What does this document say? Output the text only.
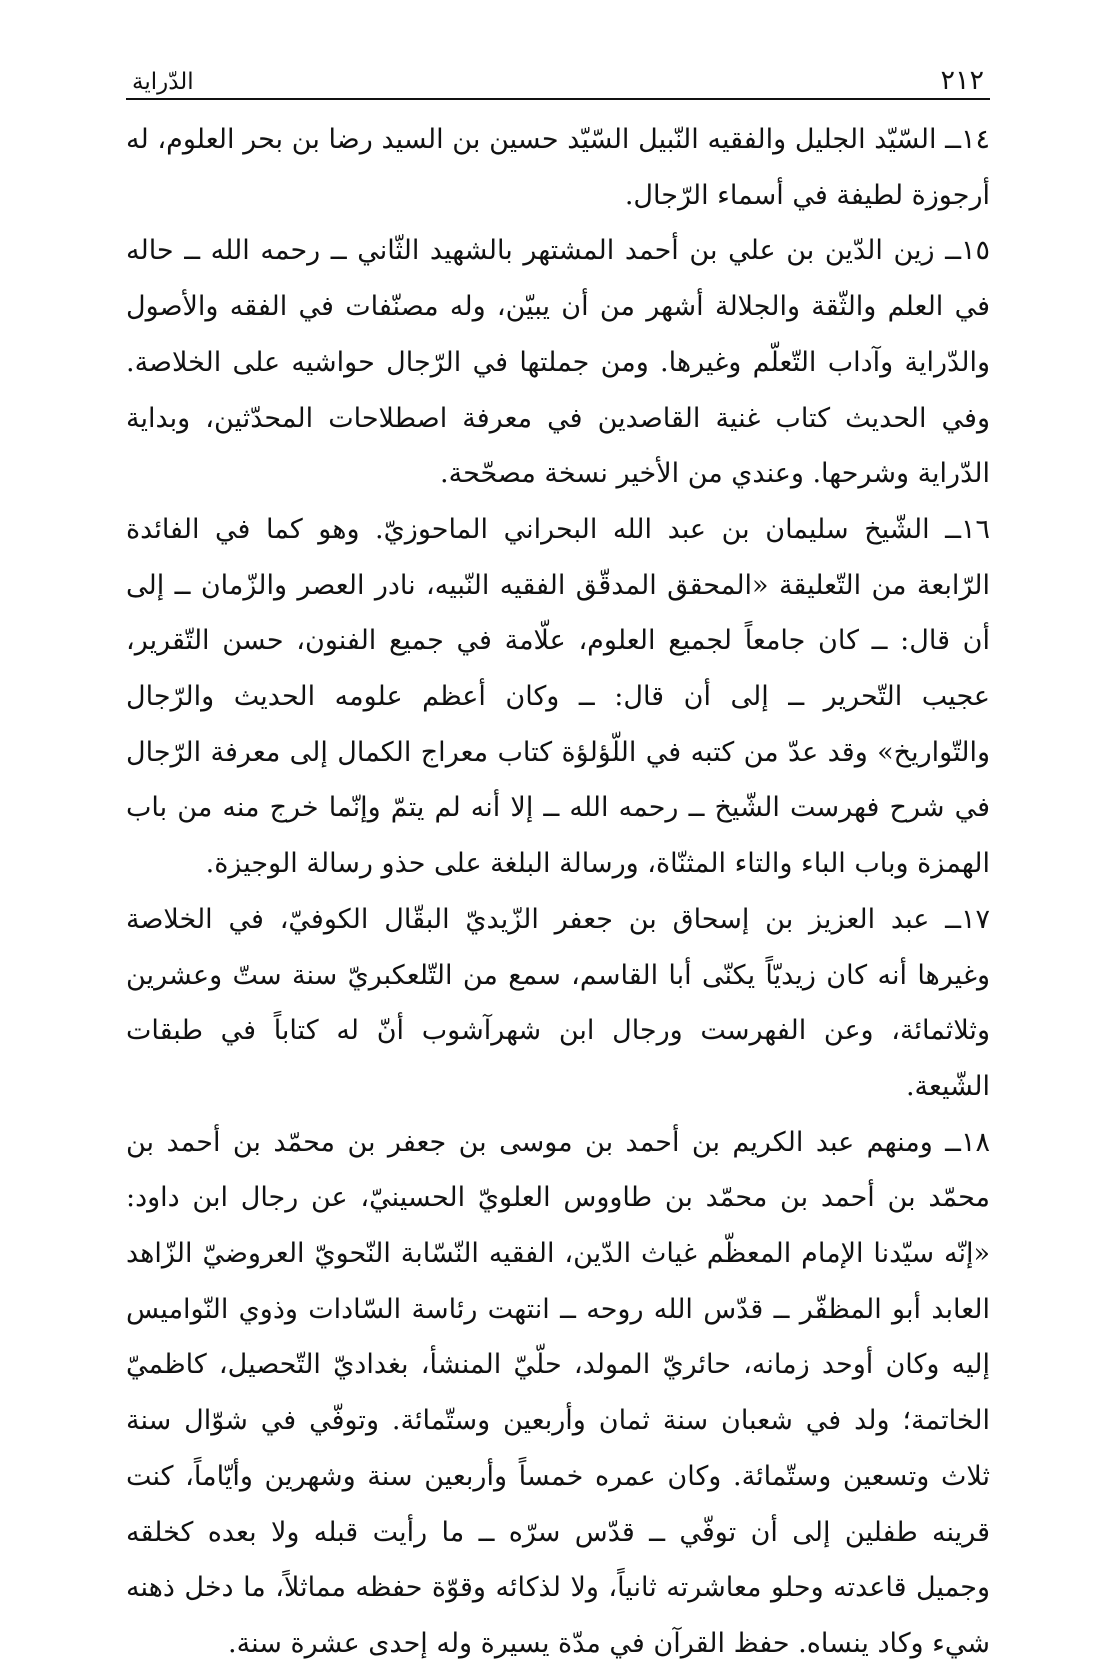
٢١٢
الدّراية

١٤ــ السّيّد الجليل والفقيه النّبيل السّيّد حسين بن السيد رضا بن بحر العلوم، له أرجوزة لطيفة في أسماء الرّجال.

١٥ــ زين الدّين بن علي بن أحمد المشتهر بالشهيد الثّاني ــ رحمه الله ــ حاله في العلم والثّقة والجلالة أشهر من أن يبيّن، وله مصنّفات في الفقه والأصول والدّراية وآداب التّعلّم وغيرها. ومن جملتها في الرّجال حواشيه على الخلاصة. وفي الحديث كتاب غنية القاصدين في معرفة اصطلاحات المحدّثين، وبداية الدّراية وشرحها. وعندي من الأخير نسخة مصحّحة.

١٦ــ الشّيخ سليمان بن عبد الله البحراني الماحوزيّ. وهو كما في الفائدة الرّابعة من التّعليقة «المحقق المدقّق الفقيه النّبيه، نادر العصر والزّمان ــ إلى أن قال: ــ كان جامعاً لجميع العلوم، علّامة في جميع الفنون، حسن التّقرير، عجيب التّحرير ــ إلى أن قال: ــ وكان أعظم علومه الحديث والرّجال والتّواريخ» وقد عدّ من كتبه في اللّؤلؤة كتاب معراج الكمال إلى معرفة الرّجال في شرح فهرست الشّيخ ــ رحمه الله ــ إلا أنه لم يتمّ وإنّما خرج منه من باب الهمزة وباب الباء والتاء المثنّاة، ورسالة البلغة على حذو رسالة الوجيزة.

١٧ــ عبد العزيز بن إسحاق بن جعفر الزّيديّ البقّال الكوفيّ، في الخلاصة وغيرها أنه كان زيديّاً يكنّى أبا القاسم، سمع من التّلعكبريّ سنة ستّ وعشرين وثلاثمائة، وعن الفهرست ورجال ابن شهرآشوب أنّ له كتاباً في طبقات الشّيعة.

١٨ــ ومنهم عبد الكريم بن أحمد بن موسى بن جعفر بن محمّد بن أحمد بن محمّد بن أحمد بن محمّد بن طاووس العلويّ الحسينيّ، عن رجال ابن داود: «إنّه سيّدنا الإمام المعظّم غياث الدّين، الفقيه النّسّابة النّحويّ العروضيّ الزّاهد العابد أبو المظفّر ــ قدّس الله روحه ــ انتهت رئاسة السّادات وذوي النّواميس إليه وكان أوحد زمانه، حائريّ المولد، حلّيّ المنشأ، بغداديّ التّحصيل، كاظميّ الخاتمة؛ ولد في شعبان سنة ثمان وأربعين وستّمائة. وتوفّي في شوّال سنة ثلاث وتسعين وستّمائة. وكان عمره خمساً وأربعين سنة وشهرين وأيّاماً، كنت قرينه طفلين إلى أن توفّي ــ قدّس سرّه ــ ما رأيت قبله ولا بعده كخلقه وجميل قاعدته وحلو معاشرته ثانياً، ولا لذكائه وقوّة حفظه مماثلاً، ما دخل ذهنه شيء وكاد ينساه. حفظ القرآن في مدّة يسيرة وله إحدى عشرة سنة.
